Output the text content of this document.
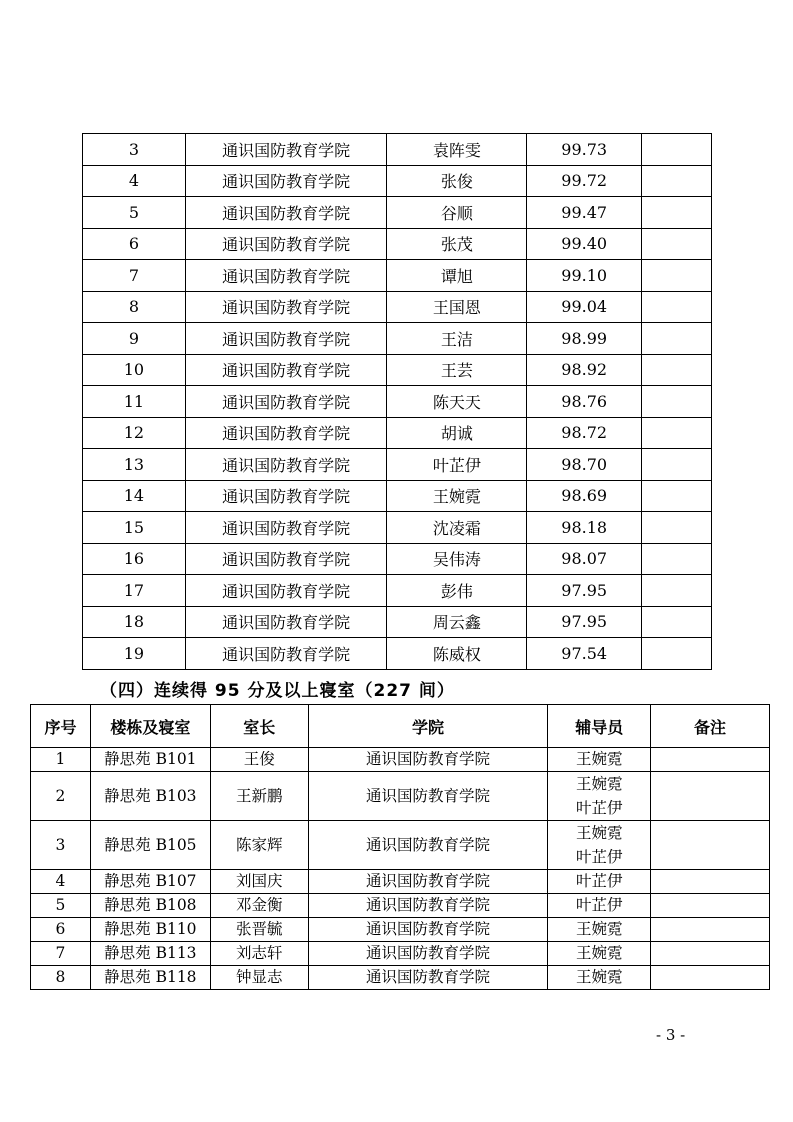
3	通识国防教育学院	袁阵雯	99.73	
4	通识国防教育学院	张俊	99.72	
5	通识国防教育学院	谷顺	99.47	
6	通识国防教育学院	张茂	99.40	
7	通识国防教育学院	谭旭	99.10	
8	通识国防教育学院	王国恩	99.04	
9	通识国防教育学院	王洁	98.99	
10	通识国防教育学院	王芸	98.92	
11	通识国防教育学院	陈天天	98.76	
12	通识国防教育学院	胡诚	98.72	
13	通识国防教育学院	叶芷伊	98.70	
14	通识国防教育学院	王婉霓	98.69	
15	通识国防教育学院	沈凌霜	98.18	
16	通识国防教育学院	吴伟涛	98.07	
17	通识国防教育学院	彭伟	97.95	
18	通识国防教育学院	周云鑫	97.95	
19	通识国防教育学院	陈威权	97.54	
（四）连续得 95 分及以上寝室（227 间）
序号	楼栋及寝室	室长	学院	辅导员	备注
1	静思苑 B101	王俊	通识国防教育学院	王婉霓	

2	静思苑 B103	王新鹏	通识国防教育学院	王婉霓
叶芷伊	

3	静思苑 B105	陈家辉	通识国防教育学院	王婉霓
叶芷伊	

4	静思苑 B107	刘国庆	通识国防教育学院	叶芷伊	

5	静思苑 B108	邓金衡	通识国防教育学院	叶芷伊	

6	静思苑 B110	张晋毓	通识国防教育学院	王婉霓	

7	静思苑 B113	刘志轩	通识国防教育学院	王婉霓	

8	静思苑 B118	钟显志	通识国防教育学院	王婉霓	

- 3 -
